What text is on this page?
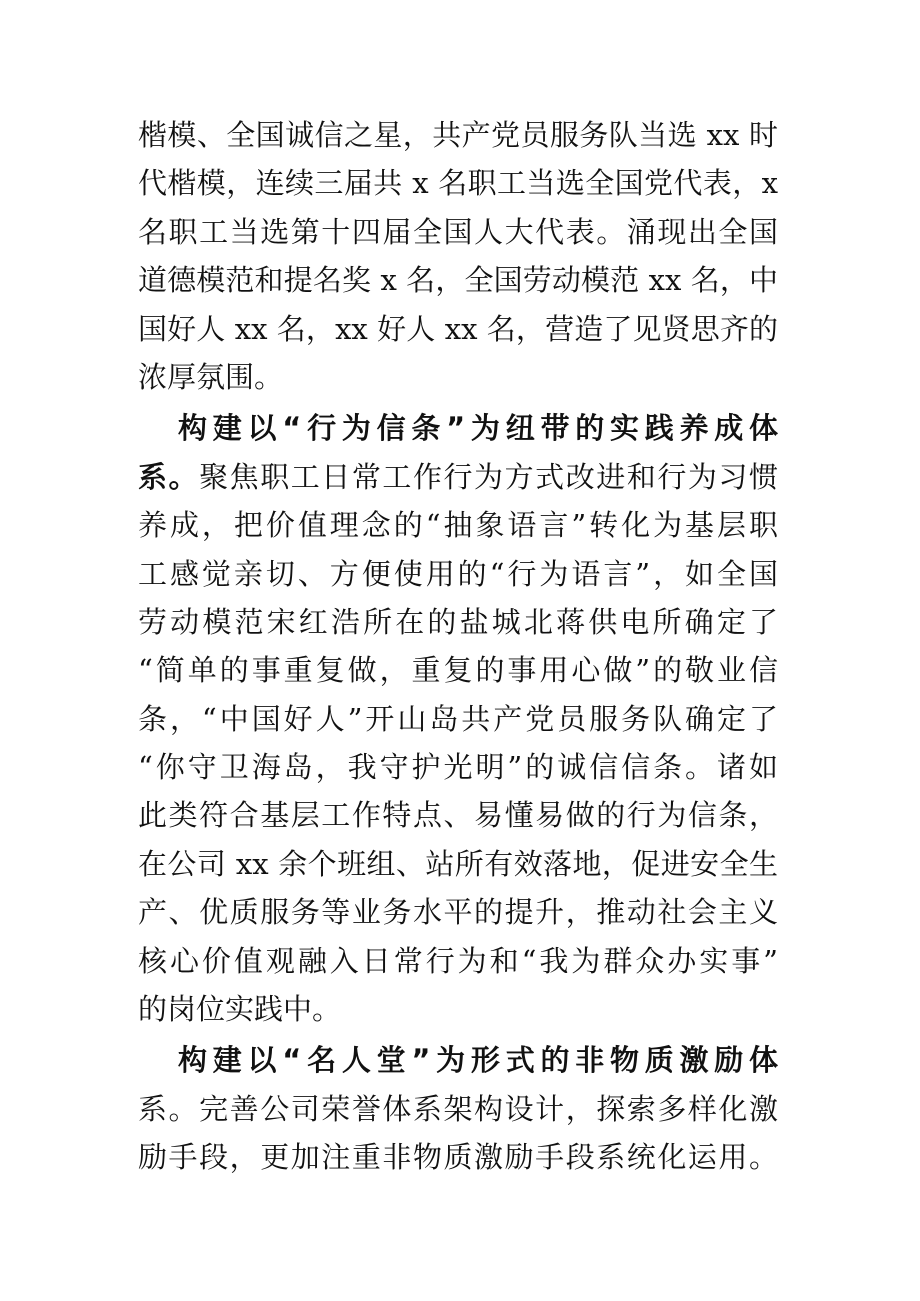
楷模、全国诚信之星，共产党员服务队当选 xx 时
代楷模，连续三届共 x 名职工当选全国党代表，x
名职工当选第十四届全国人大代表。涌现出全国
道德模范和提名奖 x 名，全国劳动模范 xx 名，中
国好人 xx 名，xx 好人 xx 名，营造了见贤思齐的
浓厚氛围。
构建以“行为信条”为纽带的实践养成体
系。聚焦职工日常工作行为方式改进和行为习惯
养成，把价值理念的“抽象语言”转化为基层职
工感觉亲切、方便使用的“行为语言”，如全国
劳动模范宋红浩所在的盐城北蒋供电所确定了
“简单的事重复做，重复的事用心做”的敬业信
条，“中国好人”开山岛共产党员服务队确定了
“你守卫海岛，我守护光明”的诚信信条。诸如
此类符合基层工作特点、易懂易做的行为信条，
在公司 xx 余个班组、站所有效落地，促进安全生
产、优质服务等业务水平的提升，推动社会主义
核心价值观融入日常行为和“我为群众办实事”
的岗位实践中。
构建以“名人堂”为形式的非物质激励体
系。完善公司荣誉体系架构设计，探索多样化激
励手段，更加注重非物质激励手段系统化运用。
